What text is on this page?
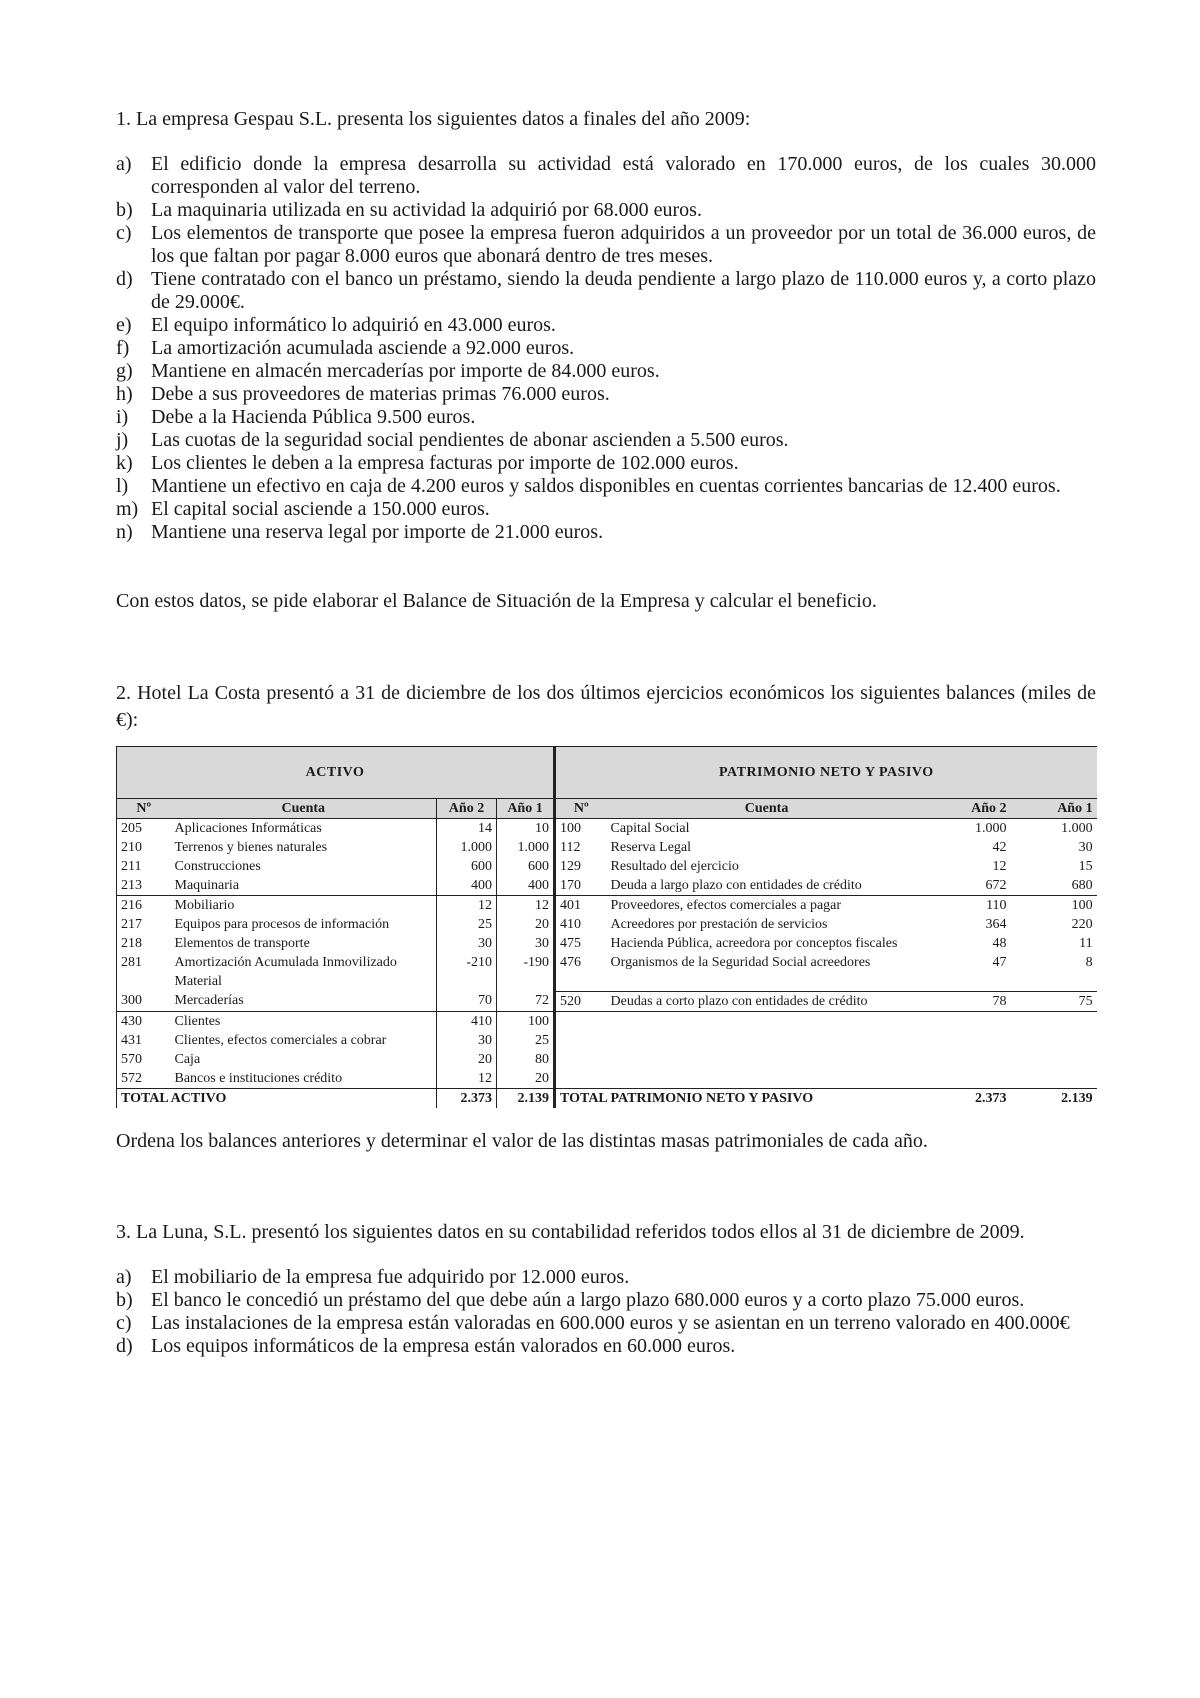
1. La empresa Gespau S.L. presenta los siguientes datos a finales del año 2009:

a) El edificio donde la empresa desarrolla su actividad está valorado en 170.000 euros, de los cuales 30.000 corresponden al valor del terreno.
b) La maquinaria utilizada en su actividad la adquirió por 68.000 euros.
c) Los elementos de transporte que posee la empresa fueron adquiridos a un proveedor por un total de 36.000 euros, de los que faltan por pagar 8.000 euros que abonará dentro de tres meses.
d) Tiene contratado con el banco un préstamo, siendo la deuda pendiente a largo plazo de 110.000 euros y, a corto plazo de 29.000€.
e) El equipo informático lo adquirió en 43.000 euros.
f) La amortización acumulada asciende a 92.000 euros.
g) Mantiene en almacén mercaderías por importe de 84.000 euros.
h) Debe a sus proveedores de materias primas 76.000 euros.
i) Debe a la Hacienda Pública 9.500 euros.
j) Las cuotas de la seguridad social pendientes de abonar ascienden a 5.500 euros.
k) Los clientes le deben a la empresa facturas por importe de 102.000 euros.
l) Mantiene un efectivo en caja de 4.200 euros y saldos disponibles en cuentas corrientes bancarias de 12.400 euros.
m) El capital social asciende a 150.000 euros.
n) Mantiene una reserva legal por importe de 21.000 euros.

Con estos datos, se pide elaborar el Balance de Situación de la Empresa y calcular el beneficio.

2. Hotel La Costa presentó a 31 de diciembre de los dos últimos ejercicios económicos los siguientes balances (miles de €):

ACTIVO				PATRIMONIO NETO Y PASIVO			
Nº	Cuenta	Año 2	Año 1	Nº	Cuenta	Año 2	Año 1
205	Aplicaciones Informáticas	14	10	100	Capital Social	1.000	1.000
210	Terrenos y bienes naturales	1.000	1.000	112	Reserva Legal	42	30
211	Construcciones	600	600	129	Resultado del ejercicio	12	15
213	Maquinaria	400	400	170	Deuda a largo plazo con entidades de crédito	672	680
216	Mobiliario	12	12	401	Proveedores, efectos comerciales a pagar	110	100
217	Equipos para procesos de información	25	20	410	Acreedores por prestación de servicios	364	220
218	Elementos de transporte	30	30	475	Hacienda Pública, acreedora por conceptos fiscales	48	11
281	Amortización Acumulada Inmovilizado Material	-210	-190	476	Organismos de la Seguridad Social acreedores	47	8
300	Mercaderías	70	72	520	Deudas a corto plazo con entidades de crédito	78	75
430	Clientes	410	100				
431	Clientes, efectos comerciales a cobrar	30	25				
570	Caja	20	80				
572	Bancos e instituciones crédito	12	20				
TOTAL ACTIVO		2.373	2.139	TOTAL PATRIMONIO NETO Y PASIVO		2.373	2.139

Ordena los balances anteriores y determinar el valor de las distintas masas patrimoniales de cada año.

3. La Luna, S.L. presentó los siguientes datos en su contabilidad referidos todos ellos al 31 de diciembre de 2009.

a) El mobiliario de la empresa fue adquirido por 12.000 euros.
b) El banco le concedió un préstamo del que debe aún a largo plazo 680.000 euros y a corto plazo 75.000 euros.
c) Las instalaciones de la empresa están valoradas en 600.000 euros y se asientan en un terreno valorado en 400.000€
d) Los equipos informáticos de la empresa están valorados en 60.000 euros.
